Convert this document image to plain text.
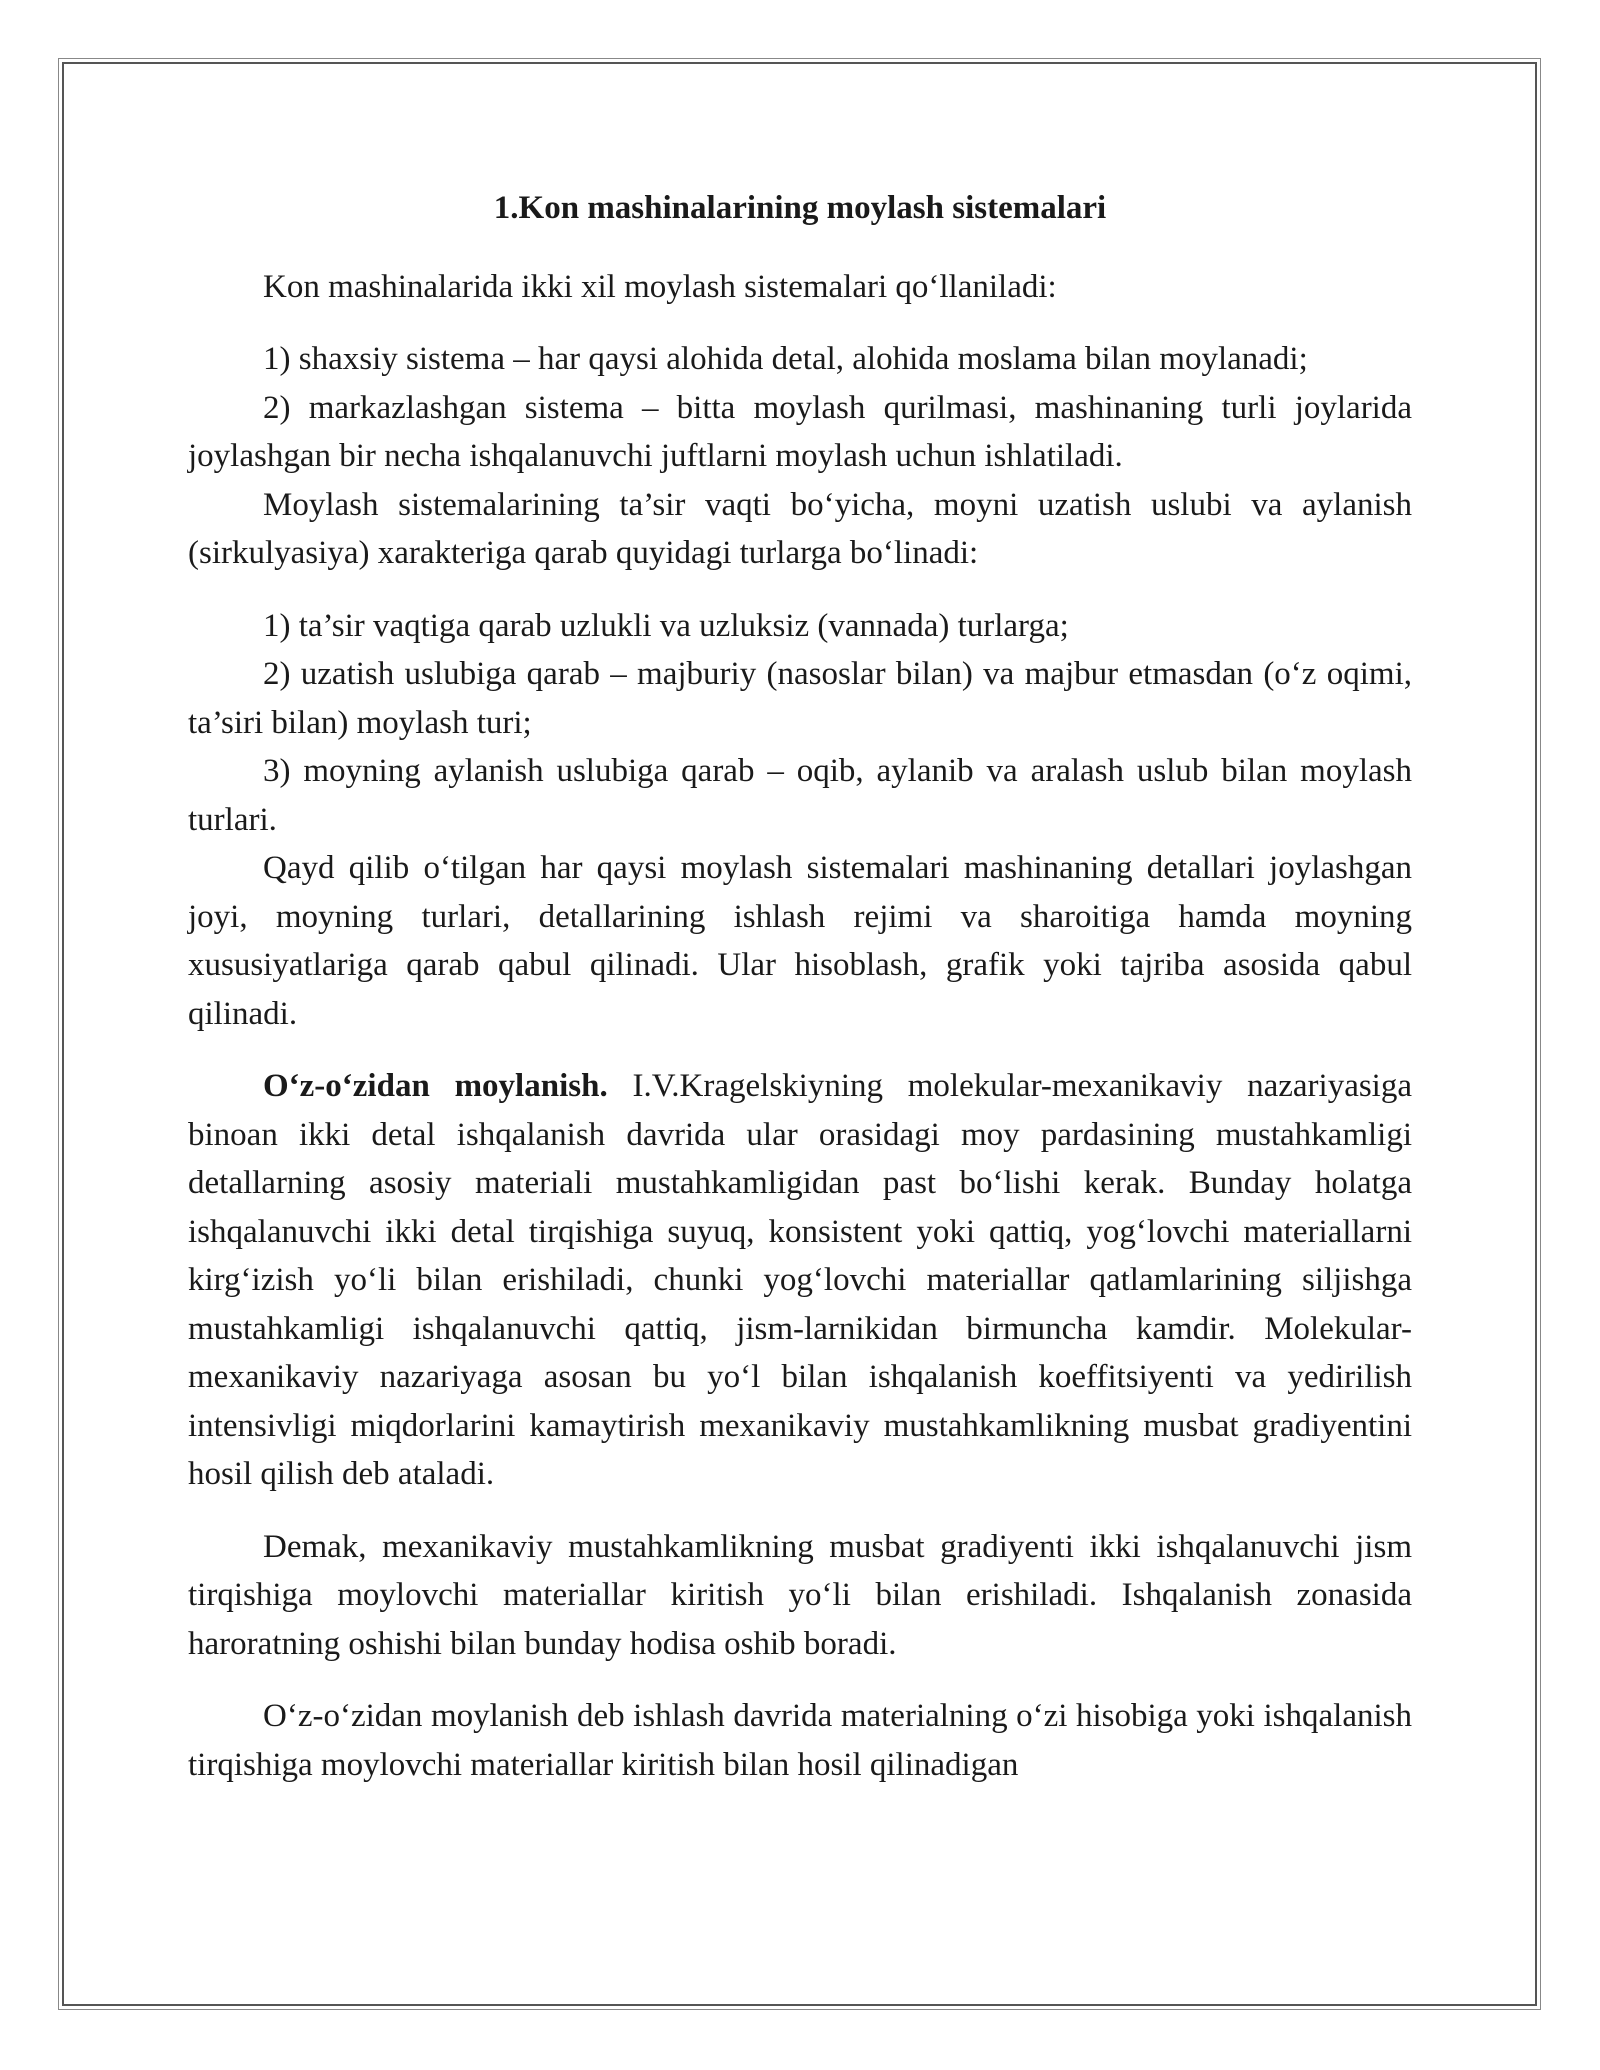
1.Kon mashinalarining moylash sistemalari

Kon mashinalarida ikki xil moylash sistemalari qo‘llaniladi:

1) shaxsiy sistema – har qaysi alohida detal, alohida moslama bilan moylanadi;

2) markazlashgan sistema – bitta moylash qurilmasi, mashinaning turli joylarida joylashgan bir necha ishqalanuvchi juftlarni moylash uchun ishlatiladi.

Moylash sistemalarining ta’sir vaqti bo‘yicha, moyni uzatish uslubi va aylanish (sirkulyasiya) xarakteriga qarab quyidagi turlarga bo‘linadi:

1) ta’sir vaqtiga qarab uzlukli va uzluksiz (vannada) turlarga;

2) uzatish uslubiga qarab – majburiy (nasoslar bilan) va majbur etmasdan (o‘z oqimi, ta’siri bilan) moylash turi;

3) moyning aylanish uslubiga qarab – oqib, aylanib va aralash uslub bilan moylash turlari.

Qayd qilib o‘tilgan har qaysi moylash sistemalari mashinaning detallari joylashgan joyi, moyning turlari, detallarining ishlash rejimi va sharoitiga hamda moyning xususiyatlariga qarab qabul qilinadi. Ular hisoblash, grafik yoki tajriba asosida qabul qilinadi.

O‘z-o‘zidan moylanish. I.V.Kragelskiyning molekular-mexanikaviy nazariyasiga binoan ikki detal ishqalanish davrida ular orasidagi moy pardasining mustahkamligi detallarning asosiy materiali mustahkamligidan past bo‘lishi kerak. Bunday holatga ishqalanuvchi ikki detal tirqishiga suyuq, konsistent yoki qattiq, yog‘lovchi materiallarni kirg‘izish yo‘li bilan erishiladi, chunki yog‘lovchi materiallar qatlamlarining siljishga mustahkamligi ishqalanuvchi qattiq, jism-larnikidan birmuncha kamdir. Molekular-mexanikaviy nazariyaga asosan bu yo‘l bilan ishqalanish koeffitsiyenti va yedirilish intensivligi miqdorlarini kamaytirish mexanikaviy mustahkamlikning musbat gradiyentini hosil qilish deb ataladi.

Demak, mexanikaviy mustahkamlikning musbat gradiyenti ikki ishqalanuvchi jism tirqishiga moylovchi materiallar kiritish yo‘li bilan erishiladi. Ishqalanish zonasida haroratning oshishi bilan bunday hodisa oshib boradi.

O‘z-o‘zidan moylanish deb ishlash davrida materialning o‘zi hisobiga yoki ishqalanish tirqishiga moylovchi materiallar kiritish bilan hosil qilinadigan
